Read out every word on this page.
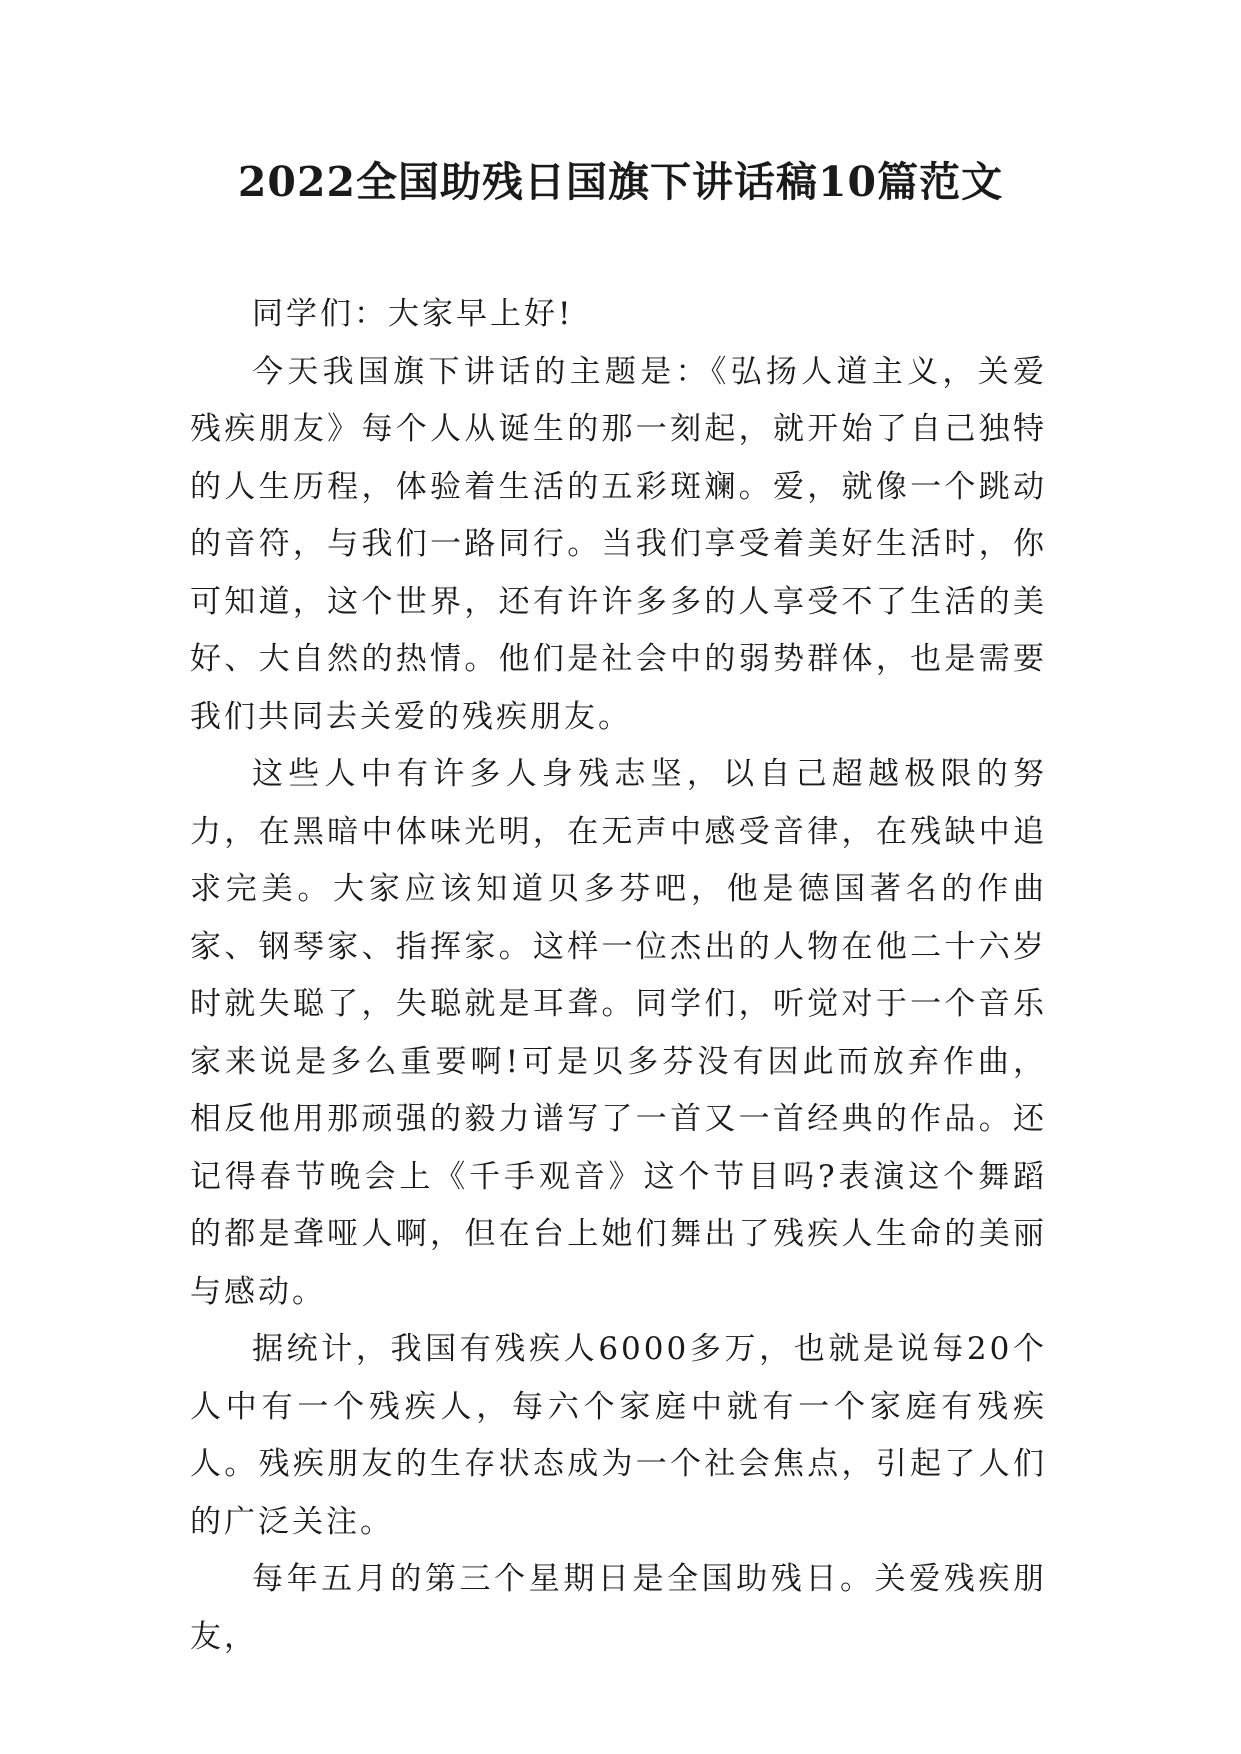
2022全国助残日国旗下讲话稿10篇范文

同学们：大家早上好!

今天我国旗下讲话的主题是：《弘扬人道主义，关爱残疾朋友》每个人从诞生的那一刻起，就开始了自己独特的人生历程，体验着生活的五彩斑斓。爱，就像一个跳动的音符，与我们一路同行。当我们享受着美好生活时，你可知道，这个世界，还有许许多多的人享受不了生活的美好、大自然的热情。他们是社会中的弱势群体，也是需要我们共同去关爱的残疾朋友。

这些人中有许多人身残志坚，以自己超越极限的努力，在黑暗中体味光明，在无声中感受音律，在残缺中追求完美。大家应该知道贝多芬吧，他是德国著名的作曲家、钢琴家、指挥家。这样一位杰出的人物在他二十六岁时就失聪了，失聪就是耳聋。同学们，听觉对于一个音乐家来说是多么重要啊!可是贝多芬没有因此而放弃作曲，相反他用那顽强的毅力谱写了一首又一首经典的作品。还记得春节晚会上《千手观音》这个节目吗?表演这个舞蹈的都是聋哑人啊，但在台上她们舞出了残疾人生命的美丽与感动。

据统计，我国有残疾人6000多万，也就是说每20个人中有一个残疾人，每六个家庭中就有一个家庭有残疾人。残疾朋友的生存状态成为一个社会焦点，引起了人们的广泛关注。

每年五月的第三个星期日是全国助残日。关爱残疾朋友，
